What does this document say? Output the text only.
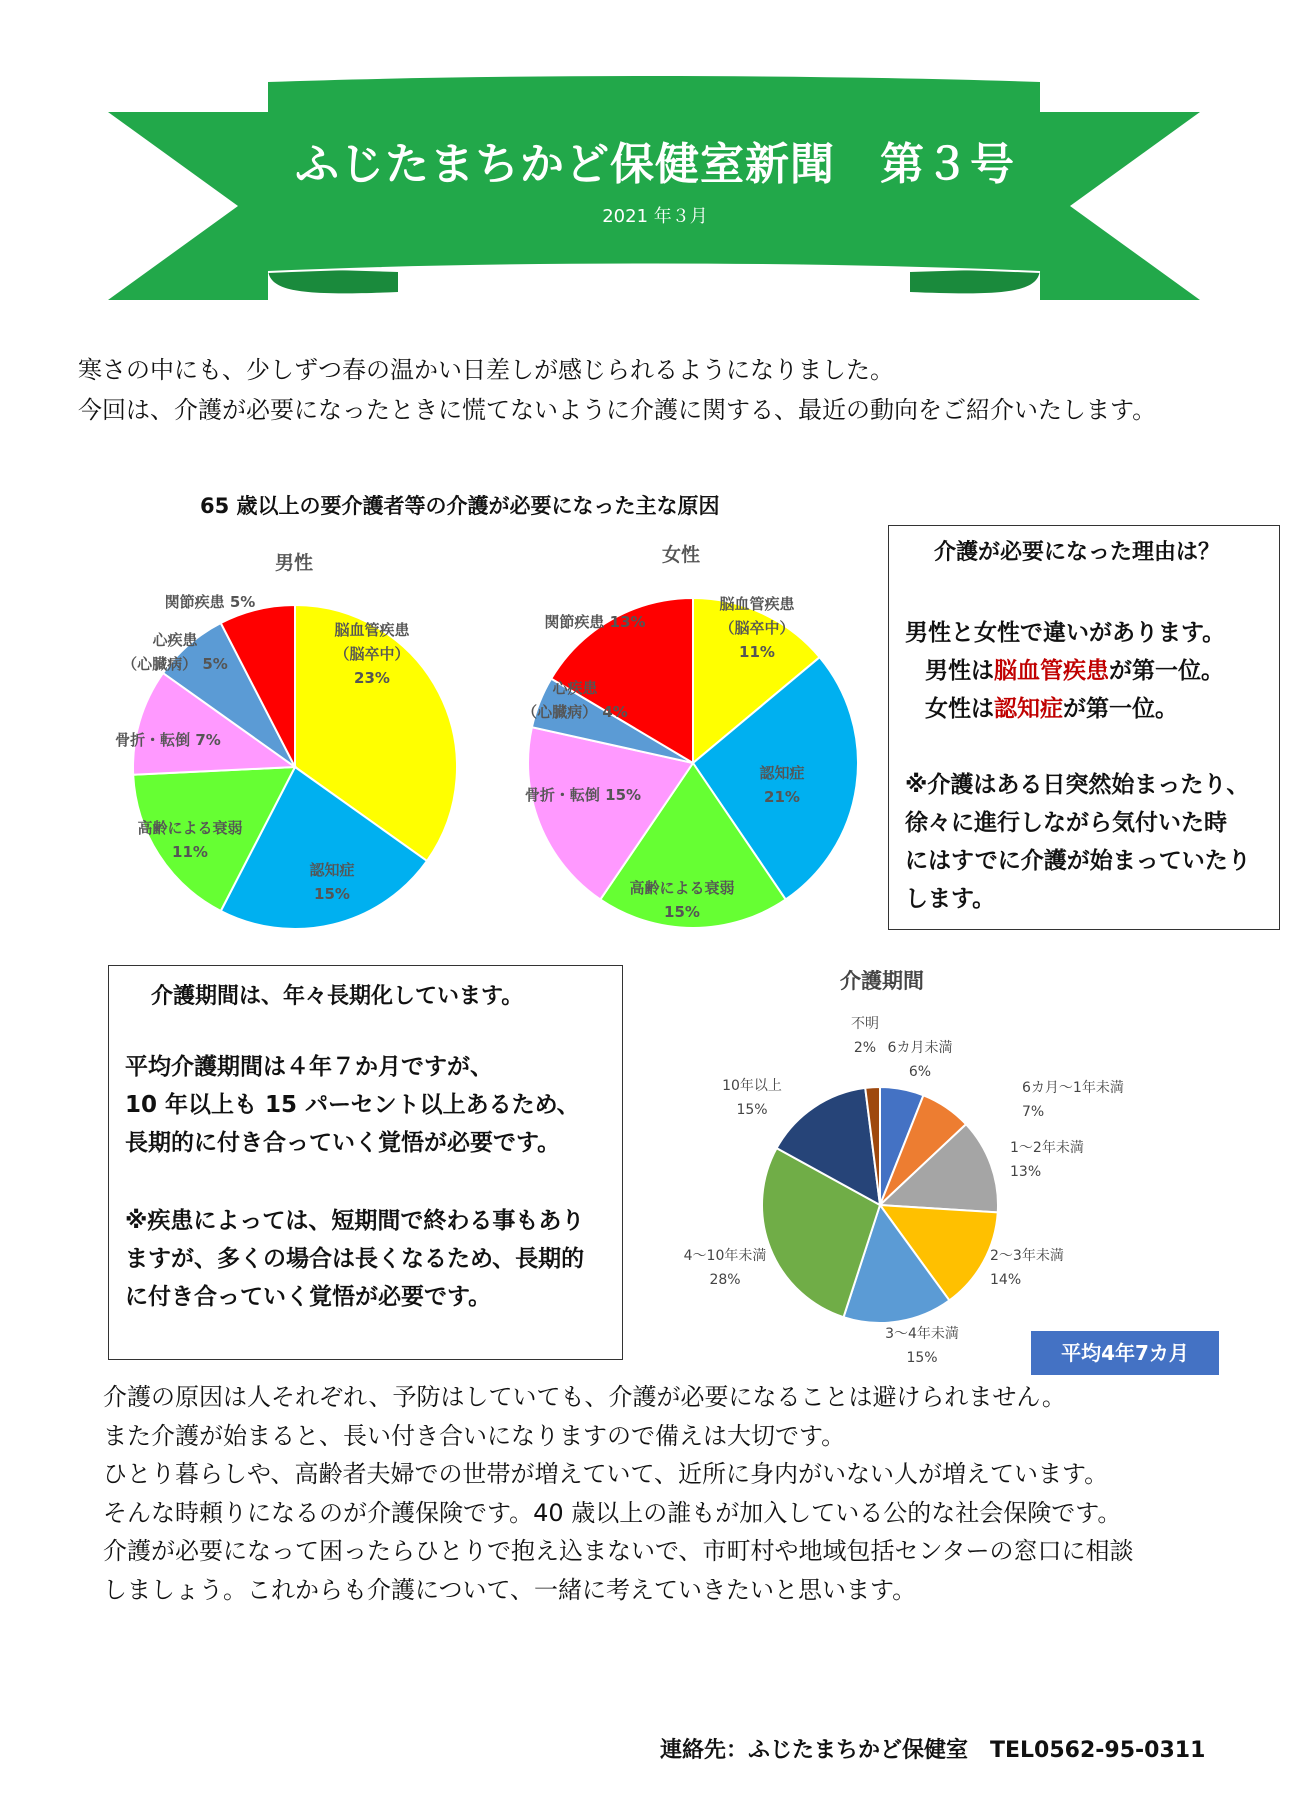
ふじたまちかど保健室新聞　第３号
2021 年３月
寒さの中にも、少しずつ春の温かい日差しが感じられるようになりました。
今回は、介護が必要になったときに慌てないように介護に関する、最近の動向をご紹介いたします。
65 歳以上の要介護者等の介護が必要になった主な原因
男性	女性
脳血管疾患（脳卒中） 23%
認知症 15%
高齢による衰弱 11%
骨折・転倒 7%
心疾患（心臓病） 5%
関節疾患 5%	脳血管疾患（脳卒中） 11%
認知症 21%
高齢による衰弱 15%
骨折・転倒 15%
心疾患（心臓病） 4%
関節疾患 13%
介護が必要になった理由は？
男性と女性で違いがあります。
男性は脳血管疾患が第一位。
女性は認知症が第一位。
※介護はある日突然始まったり、
徐々に進行しながら気付いた時
にはすでに介護が始まっていたり
します。
介護期間は、年々長期化しています。
平均介護期間は４年７か月ですが、
10 年以上も 15 パーセント以上あるため、
長期的に付き合っていく覚悟が必要です。
※疾患によっては、短期間で終わる事もあり
ますが、多くの場合は長くなるため、長期的
に付き合っていく覚悟が必要です。
介護期間
6カ月未満 6%
6カ月～1年未満 7%
1～2年未満 13%
2～3年未満 14%
3～4年未満 15%
4～10年未満 28%
10年以上 15%
不明 2%
平均4年7カ月
介護の原因は人それぞれ、予防はしていても、介護が必要になることは避けられません。
また介護が始まると、長い付き合いになりますので備えは大切です。
ひとり暮らしや、高齢者夫婦での世帯が増えていて、近所に身内がいない人が増えています。
そんな時頼りになるのが介護保険です。40 歳以上の誰もが加入している公的な社会保険です。
介護が必要になって困ったらひとりで抱え込まないで、市町村や地域包括センターの窓口に相談
しましょう。これからも介護について、一緒に考えていきたいと思います。
連絡先：ふじたまちかど保健室　TEL0562-95-0311
